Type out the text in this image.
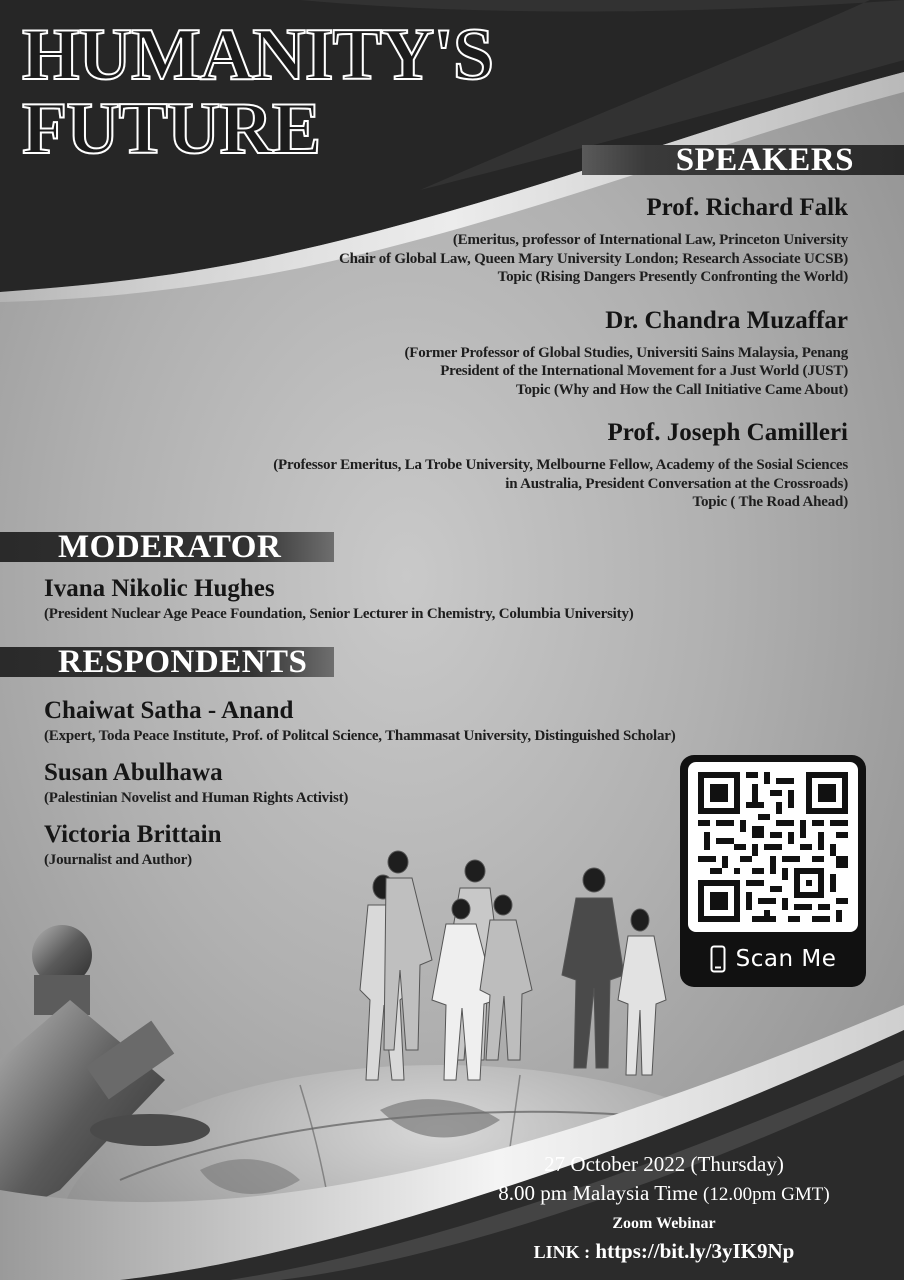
HUMANITY'S
FUTURE	SPEAKERS
Prof. Richard Falk
(Emeritus, professor of International Law, Princeton University
Chair of Global Law, Queen Mary University London; Research Associate UCSB)
Topic (Rising Dangers Presently Confronting the World)
Dr. Chandra Muzaffar
(Former Professor of Global Studies, Universiti Sains Malaysia, Penang
President of the International Movement for a Just World (JUST)
Topic (Why and How the Call Initiative Came About)
Prof. Joseph Camilleri
(Professor Emeritus, La Trobe University, Melbourne Fellow, Academy of the Sosial Sciences
in Australia, President Conversation at the Crossroads)
Topic ( The Road Ahead)
MODERATOR
Ivana Nikolic Hughes
(President Nuclear Age Peace Foundation, Senior Lecturer in Chemistry, Columbia University)
RESPONDENTS
Chaiwat Satha - Anand
(Expert, Toda Peace Institute, Prof. of Politcal Science, Thammasat University, Distinguished Scholar)
Susan Abulhawa
(Palestinian Novelist and Human Rights Activist)
Victoria Brittain
(Journalist and Author)
Scan Me
27 October 2022 (Thursday)
8.00 pm Malaysia Time (12.00pm GMT)
Zoom Webinar
LINK : https://bit.ly/3yIK9Np
